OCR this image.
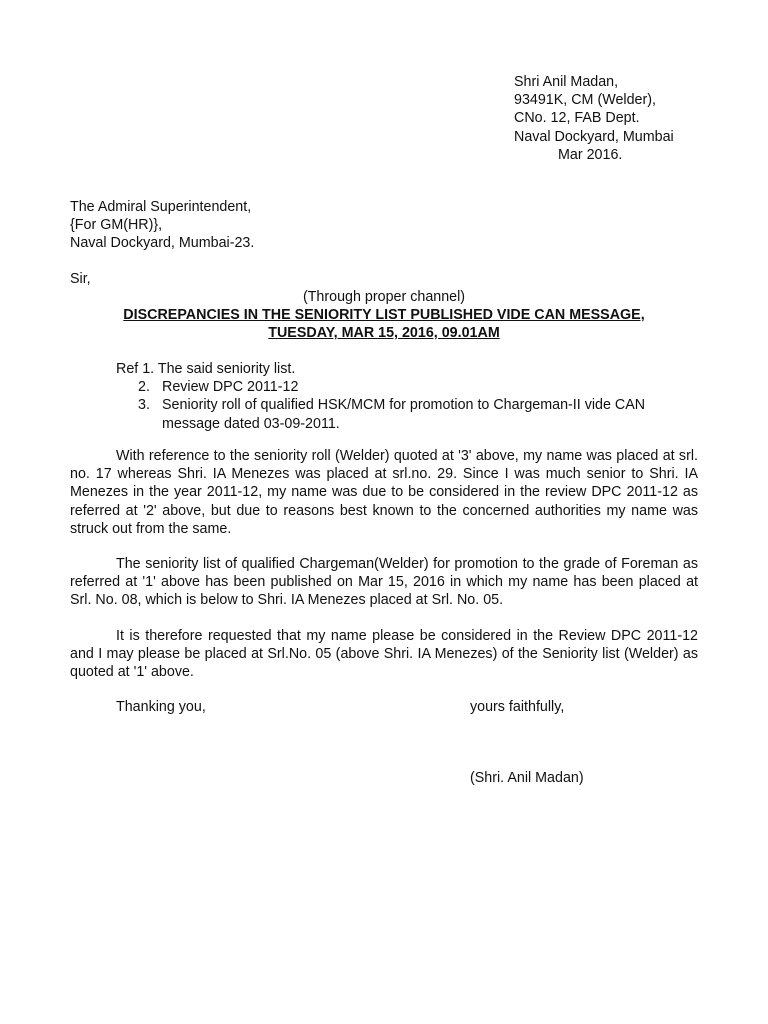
Shri Anil Madan,
93491K, CM (Welder),
CNo. 12, FAB Dept.
Naval Dockyard, Mumbai
Mar 2016.
The Admiral Superintendent,
{For GM(HR)},
Naval Dockyard, Mumbai-23.
Sir,
(Through proper channel)
DISCREPANCIES IN THE SENIORITY LIST PUBLISHED VIDE CAN MESSAGE,
TUESDAY, MAR 15, 2016, 09.01AM
Ref 1. The said seniority list.
2. Review DPC 2011-12
3. Seniority roll of qualified HSK/MCM for promotion to Chargeman-II vide CAN
message dated 03-09-2011.
With reference to the seniority roll (Welder) quoted at '3' above, my name was placed at srl. no. 17 whereas Shri. IA Menezes was placed at srl.no. 29. Since I was much senior to Shri. IA Menezes in the year 2011-12, my name was due to be considered in the review DPC 2011-12 as referred at '2' above, but due to reasons best known to the concerned authorities my name was struck out from the same.
The seniority list of qualified Chargeman(Welder) for promotion to the grade of Foreman as referred at '1' above has been published on Mar 15, 2016 in which my name has been placed at Srl. No. 08, which is below to Shri. IA Menezes placed at Srl. No. 05.
It is therefore requested that my name please be considered in the Review DPC 2011-12 and I may please be placed at Srl.No. 05 (above Shri. IA Menezes) of the Seniority list (Welder) as quoted at '1' above.
Thanking you,	yours faithfully,
(Shri. Anil Madan)
